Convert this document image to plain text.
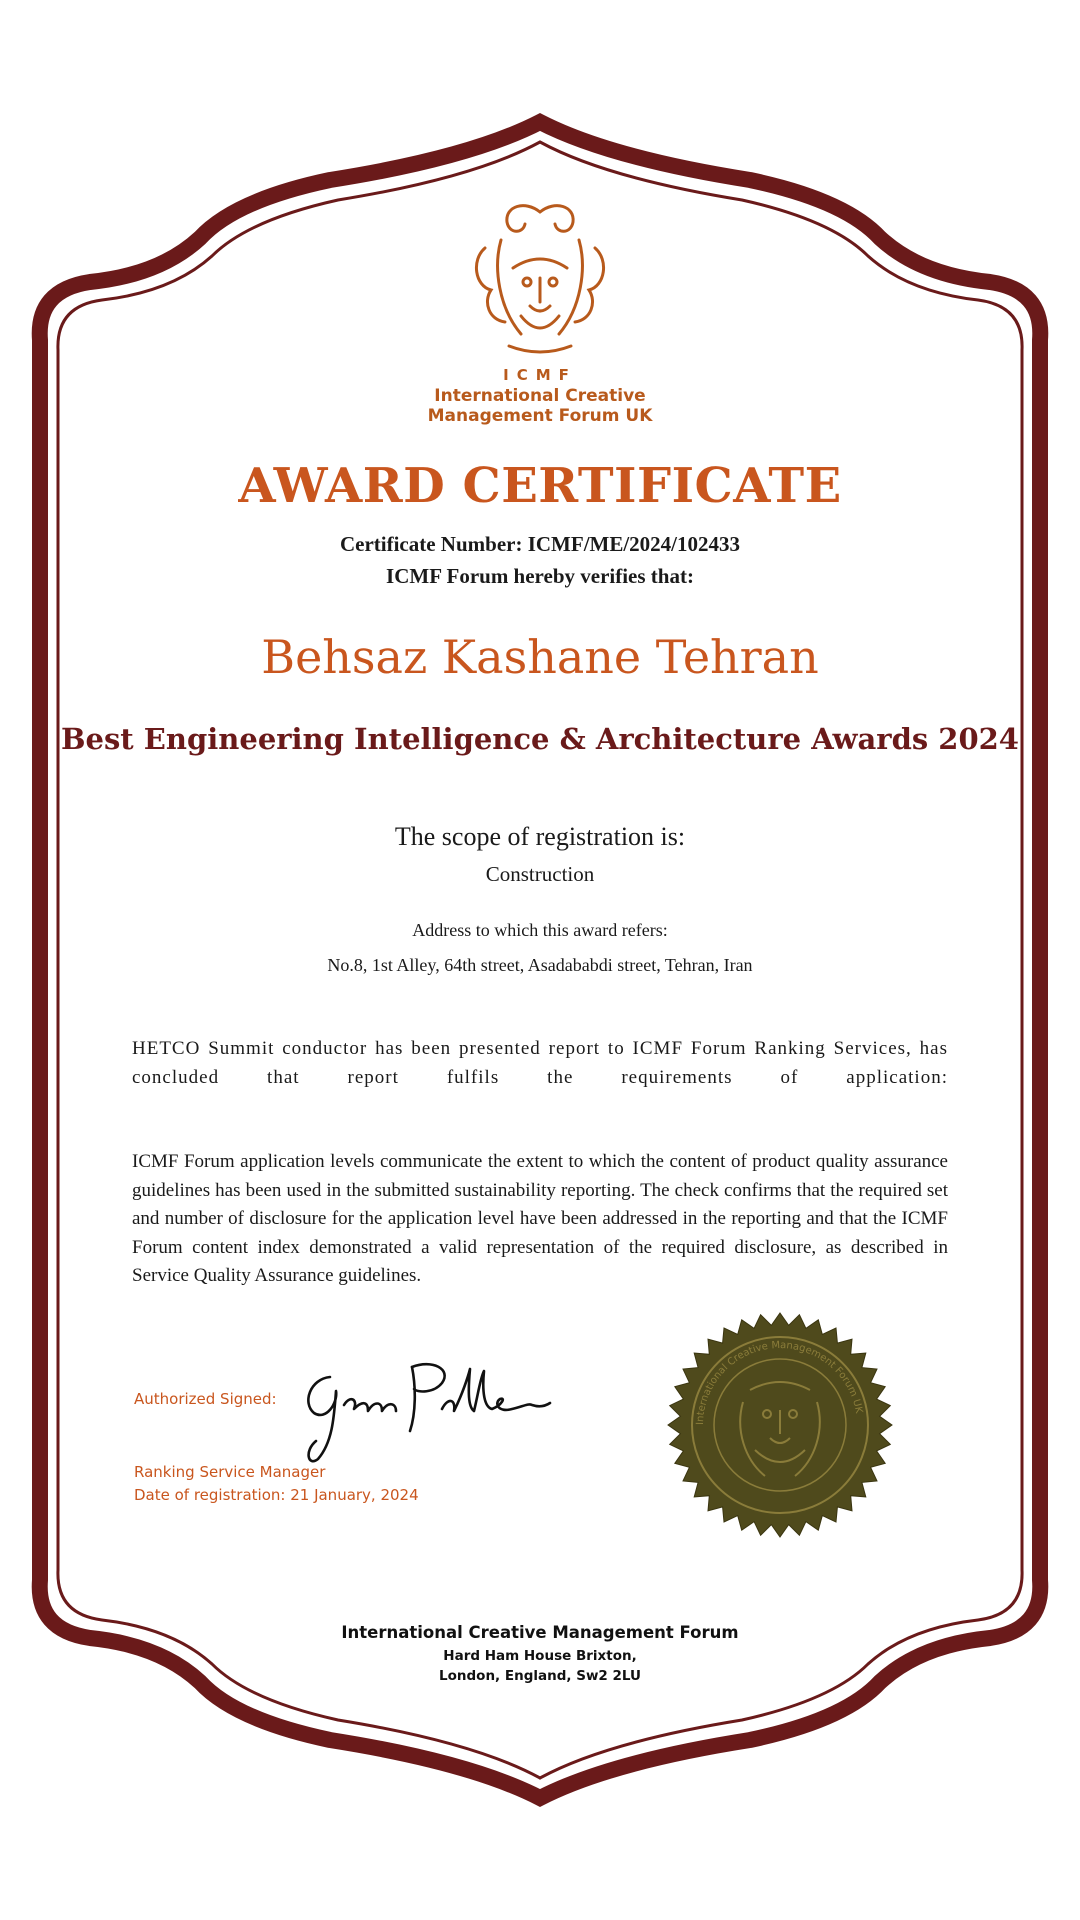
ICMF
International Creative
Management Forum UK
AWARD CERTIFICATE
Certificate Number: ICMF/ME/2024/102433
ICMF Forum hereby verifies that:
Behsaz Kashane Tehran
Best Engineering Intelligence & Architecture Awards 2024
The scope of registration is:
Construction
Address to which this award refers:
No.8, 1st Alley, 64th street, Asadababdi street, Tehran, Iran
HETCO Summit conductor has been presented report to ICMF Forum Ranking Services, has concluded that report fulfils the requirements of application:
ICMF Forum application levels communicate the extent to which the content of product quality assurance guidelines has been used in the submitted sustainability reporting. The check confirms that the required set and number of disclosure for the application level have been addressed in the reporting and that the ICMF Forum content index demonstrated a valid representation of the required disclosure, as described in Service Quality Assurance guidelines.
Authorized Signed:
Ranking Service Manager
Date of registration: 21 January, 2024
International Creative Management Forum UK
International Creative Management Forum
Hard Ham House Brixton,
London, England, Sw2 2LU
